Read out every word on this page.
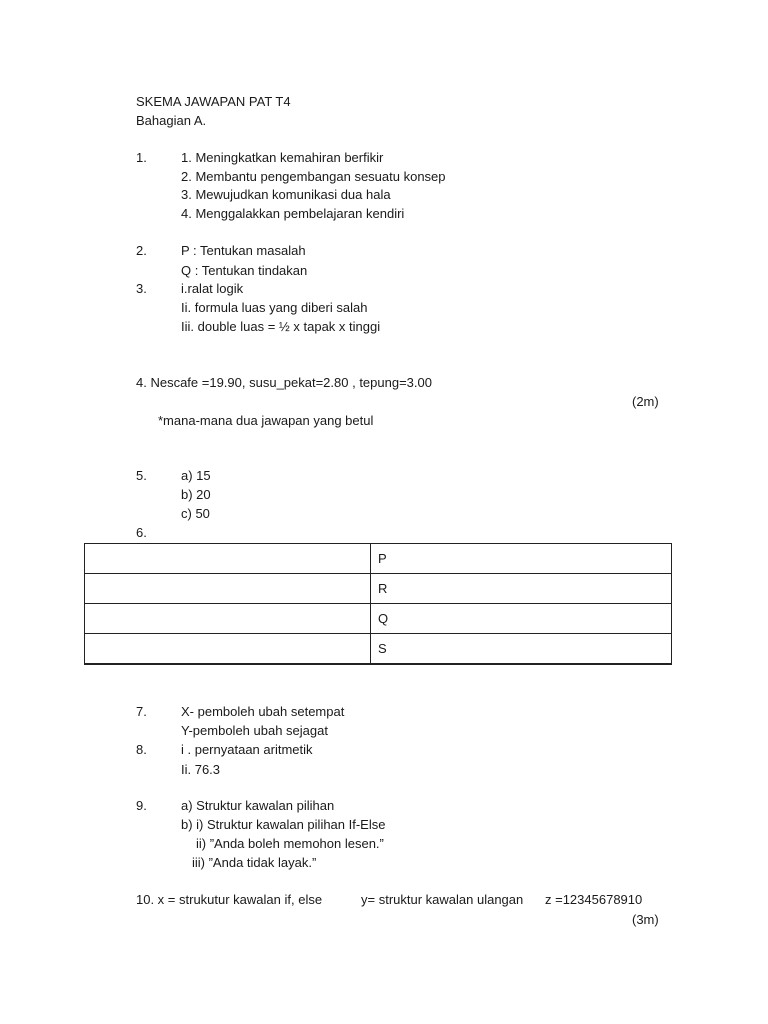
SKEMA JAWAPAN PAT T4
Bahagian A.
1.	1. Meningkatkan kemahiran berfikir
2. Membantu pengembangan sesuatu konsep
3. Mewujudkan komunikasi dua hala
4. Menggalakkan pembelajaran kendiri
2.	P : Tentukan masalah
Q : Tentukan tindakan
3.	i.ralat logik
Ii. formula luas yang diberi salah
Iii. double luas = ½ x tapak x tinggi
4. Nescafe =19.90, susu_pekat=2.80 , tepung=3.00
(2m)
*mana-mana dua jawapan yang betul
5.	a) 15
b) 20
c) 50
6.
	P
	R
	Q
	S
7.	X- pemboleh ubah setempat
Y-pemboleh ubah sejagat
8.	i . pernyataan aritmetik
Ii. 76.3
9.	a) Struktur kawalan pilihan
b) i) Struktur kawalan pilihan If-Else
ii) ”Anda boleh memohon lesen.”
iii) ”Anda tidak layak.”
10. x = strukutur kawalan if, else	y= struktur kawalan ulangan z =12345678910
(3m)
